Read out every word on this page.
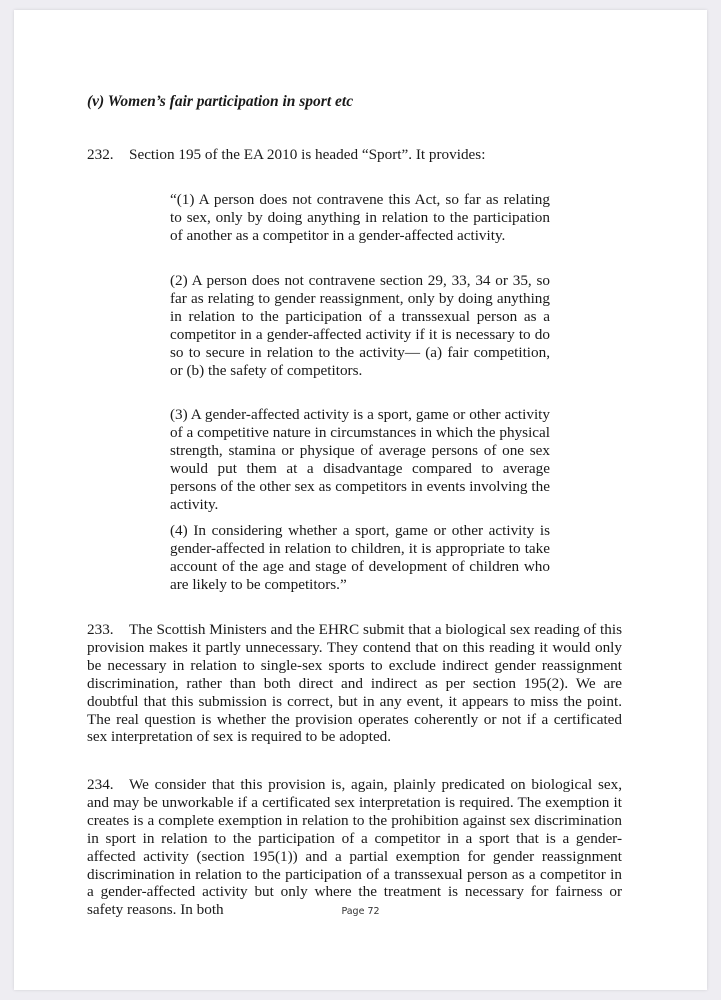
(v) Women’s fair participation in sport etc

232. Section 195 of the EA 2010 is headed “Sport”. It provides:

“(1) A person does not contravene this Act, so far as relating to sex, only by doing anything in relation to the participation of another as a competitor in a gender-affected activity.

(2) A person does not contravene section 29, 33, 34 or 35, so far as relating to gender reassignment, only by doing anything in relation to the participation of a transsexual person as a competitor in a gender-affected activity if it is necessary to do so to secure in relation to the activity— (a) fair competition, or (b) the safety of competitors.

(3) A gender-affected activity is a sport, game or other activity of a competitive nature in circumstances in which the physical strength, stamina or physique of average persons of one sex would put them at a disadvantage compared to average persons of the other sex as competitors in events involving the activity.

(4) In considering whether a sport, game or other activity is gender-affected in relation to children, it is appropriate to take account of the age and stage of development of children who are likely to be competitors.”

233. The Scottish Ministers and the EHRC submit that a biological sex reading of this provision makes it partly unnecessary. They contend that on this reading it would only be necessary in relation to single-sex sports to exclude indirect gender reassignment discrimination, rather than both direct and indirect as per section 195(2). We are doubtful that this submission is correct, but in any event, it appears to miss the point. The real question is whether the provision operates coherently or not if a certificated sex interpretation of sex is required to be adopted.

234. We consider that this provision is, again, plainly predicated on biological sex, and may be unworkable if a certificated sex interpretation is required. The exemption it creates is a complete exemption in relation to the prohibition against sex discrimination in sport in relation to the participation of a competitor in a sport that is a gender-affected activity (section 195(1)) and a partial exemption for gender reassignment discrimination in relation to the participation of a transsexual person as a competitor in a gender-affected activity but only where the treatment is necessary for fairness or safety reasons. In both	Page 72
